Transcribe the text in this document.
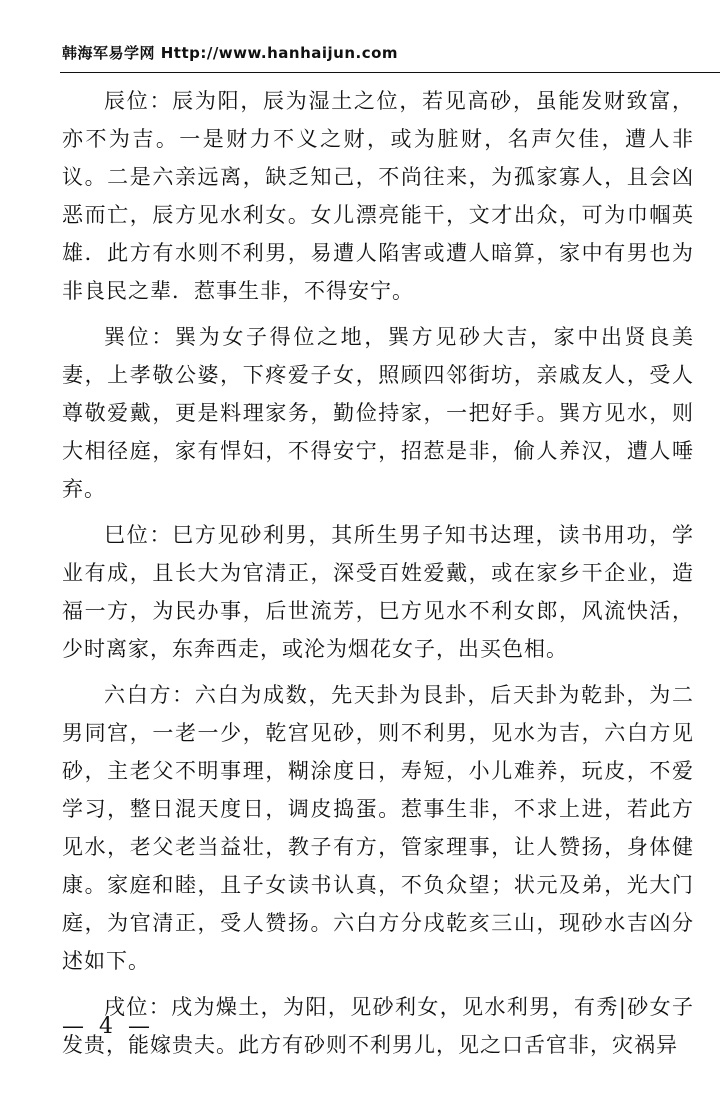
韩海军易学网 Http://www.hanhaijun.com

辰位：辰为阳，辰为湿土之位，若见高砂，虽能发财致富，亦不为吉。一是财力不义之财，或为脏财，名声欠佳，遭人非议。二是六亲远离，缺乏知己，不尚往来，为孤家寡人，且会凶恶而亡，辰方见水利女。女儿漂亮能干，文才出众，可为巾帼英雄．此方有水则不利男，易遭人陷害或遭人暗算，家中有男也为非良民之辈．惹事生非，不得安宁。

巽位：巽为女子得位之地，巽方见砂大吉，家中出贤良美妻，上孝敬公婆，下疼爱子女，照顾四邻街坊，亲戚友人，受人尊敬爱戴，更是料理家务，勤俭持家，一把好手。巽方见水，则大相径庭，家有悍妇，不得安宁，招惹是非，偷人养汉，遭人唾弃。

巳位：巳方见砂利男，其所生男子知书达理，读书用功，学业有成，且长大为官清正，深受百姓爱戴，或在家乡干企业，造福一方，为民办事，后世流芳，巳方见水不利女郎，风流快活，少时离家，东奔西走，或沦为烟花女子，出买色相。

六白方：六白为成数，先天卦为艮卦，后天卦为乾卦，为二男同宫，一老一少，乾宫见砂，则不利男，见水为吉，六白方见砂，主老父不明事理，糊涂度日，寿短，小儿难养，玩皮，不爱学习，整日混天度日，调皮捣蛋。惹事生非，不求上进，若此方见水，老父老当益壮，教子有方，管家理事，让人赞扬，身体健康。家庭和睦，且子女读书认真，不负众望；状元及弟，光大门庭，为官清正，受人赞扬。六白方分戌乾亥三山，现砂水吉凶分述如下。

戌位：戌为燥土，为阳，见砂利女，见水利男，有秀|砂女子发贵，能嫁贵夫。此方有砂则不利男儿，见之口舌官非，灾祸异

— 4 —
